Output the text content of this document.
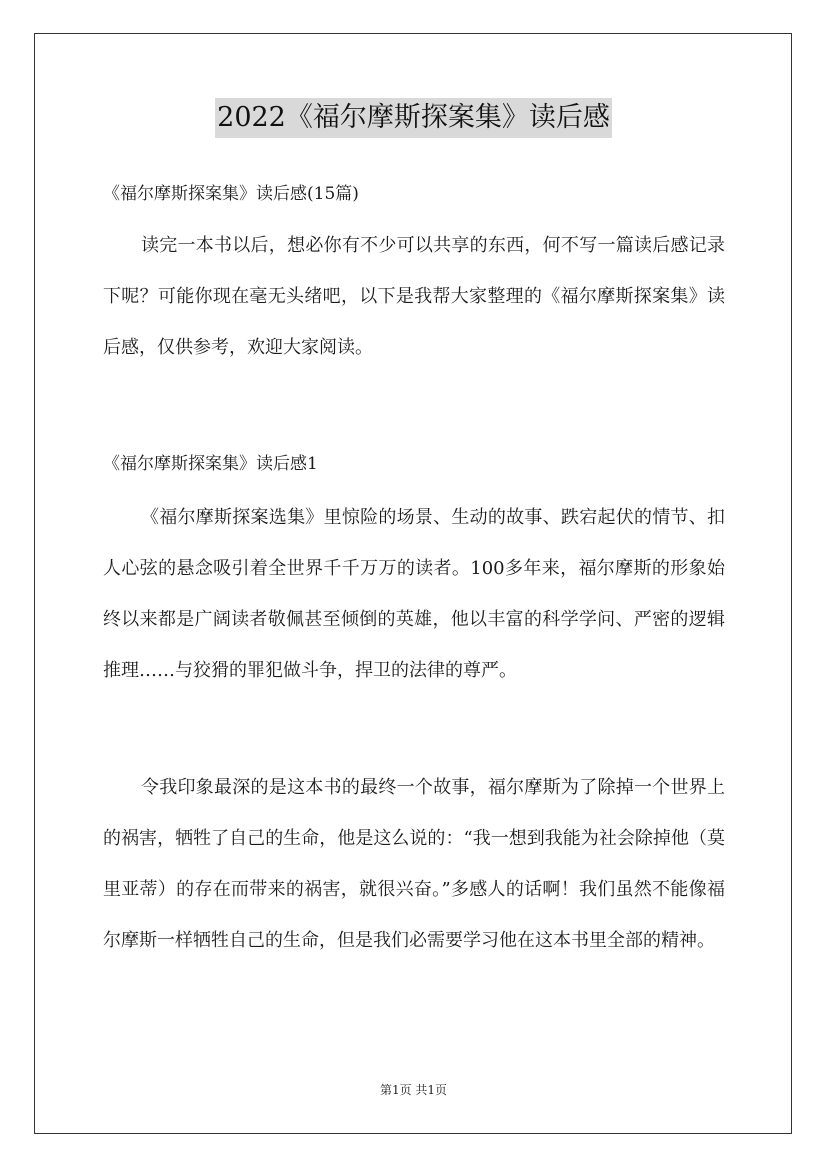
2022《福尔摩斯探案集》读后感
《福尔摩斯探案集》读后感(15篇)

读完一本书以后，想必你有不少可以共享的东西，何不写一篇读后感记录下呢？可能你现在毫无头绪吧，以下是我帮大家整理的《福尔摩斯探案集》读后感，仅供参考，欢迎大家阅读。

《福尔摩斯探案集》读后感1

《福尔摩斯探案选集》里惊险的场景、生动的故事、跌宕起伏的情节、扣人心弦的悬念吸引着全世界千千万万的读者。100多年来，福尔摩斯的形象始终以来都是广阔读者敬佩甚至倾倒的英雄，他以丰富的科学学问、严密的逻辑推理……与狡猾的罪犯做斗争，捍卫的法律的尊严。

令我印象最深的是这本书的最终一个故事，福尔摩斯为了除掉一个世界上的祸害，牺牲了自己的生命，他是这么说的：“我一想到我能为社会除掉他（莫里亚蒂）的存在而带来的祸害，就很兴奋。”多感人的话啊！我们虽然不能像福尔摩斯一样牺牲自己的生命，但是我们必需要学习他在这本书里全部的精神。

第1页 共1页
